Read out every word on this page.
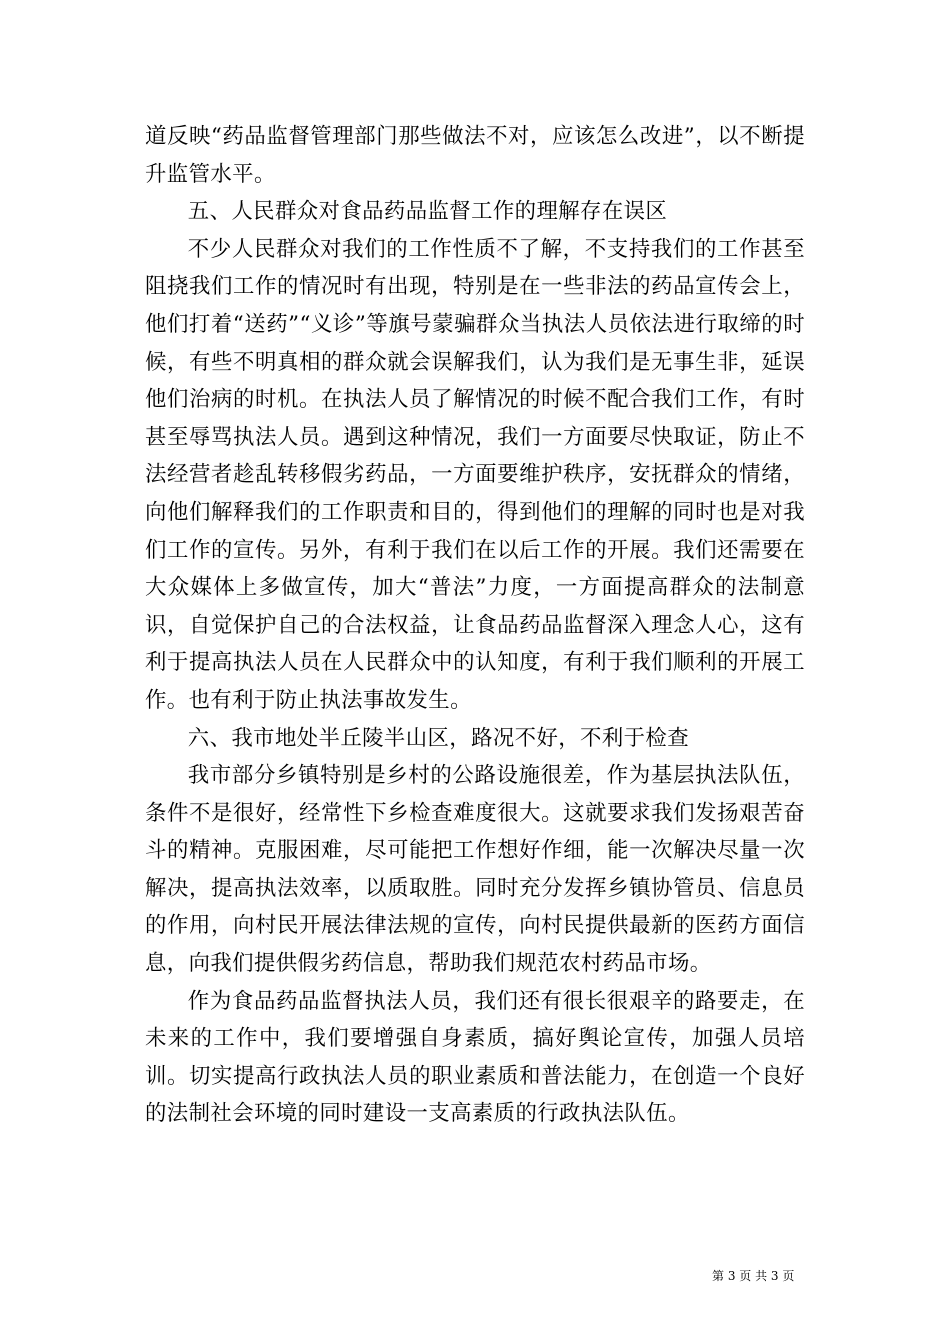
道反映“药品监督管理部门那些做法不对，应该怎么改进”，以不断提升监管水平。

五、人民群众对食品药品监督工作的理解存在误区

不少人民群众对我们的工作性质不了解，不支持我们的工作甚至阻挠我们工作的情况时有出现，特别是在一些非法的药品宣传会上，他们打着“送药”“义诊”等旗号蒙骗群众当执法人员依法进行取缔的时候，有些不明真相的群众就会误解我们，认为我们是无事生非，延误他们治病的时机。在执法人员了解情况的时候不配合我们工作，有时甚至辱骂执法人员。遇到这种情况，我们一方面要尽快取证，防止不法经营者趁乱转移假劣药品，一方面要维护秩序，安抚群众的情绪，向他们解释我们的工作职责和目的，得到他们的理解的同时也是对我们工作的宣传。另外，有利于我们在以后工作的开展。我们还需要在大众媒体上多做宣传，加大“普法”力度，一方面提高群众的法制意识，自觉保护自己的合法权益，让食品药品监督深入理念人心，这有利于提高执法人员在人民群众中的认知度，有利于我们顺利的开展工作。也有利于防止执法事故发生。

六、我市地处半丘陵半山区，路况不好，不利于检查

我市部分乡镇特别是乡村的公路设施很差，作为基层执法队伍，条件不是很好，经常性下乡检查难度很大。这就要求我们发扬艰苦奋斗的精神。克服困难，尽可能把工作想好作细，能一次解决尽量一次解决，提高执法效率，以质取胜。同时充分发挥乡镇协管员、信息员的作用，向村民开展法律法规的宣传，向村民提供最新的医药方面信息，向我们提供假劣药信息，帮助我们规范农村药品市场。

作为食品药品监督执法人员，我们还有很长很艰辛的路要走，在未来的工作中，我们要增强自身素质，搞好舆论宣传，加强人员培训。切实提高行政执法人员的职业素质和普法能力，在创造一个良好的法制社会环境的同时建设一支高素质的行政执法队伍。

第 3 页 共 3 页
